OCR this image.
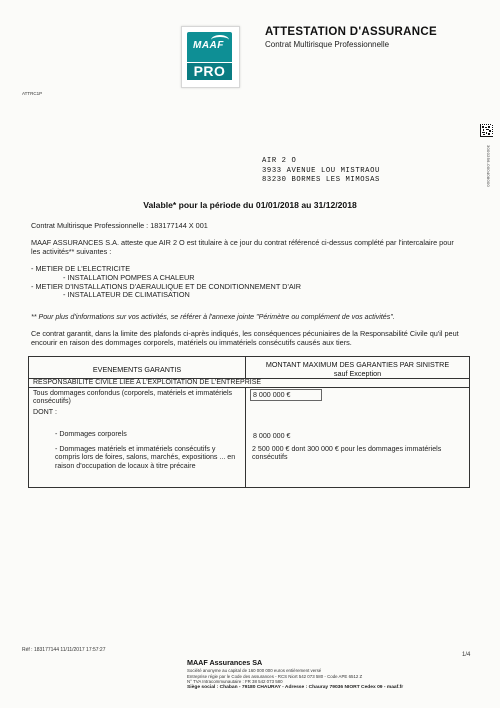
MAAF
PRO
ATTESTATION D'ASSURANCE
Contrat Multirisque Professionnelle
ATTRC1P
3000256-000408000
AIR 2 O
3933 AVENUE LOU MISTRAOU
83230 BORMES LES MIMOSAS
Valable* pour la période du 01/01/2018 au 31/12/2018
Contrat Multirisque Professionnelle : 183177144 X 001
MAAF ASSURANCES S.A. atteste que AIR 2 O est titulaire à ce jour du contrat référencé ci-dessus complété par l'intercalaire pour les activités** suivantes :
- METIER DE L'ELECTRICITE
- INSTALLATION POMPES A CHALEUR
- METIER D'INSTALLATIONS D'AERAULIQUE ET DE CONDITIONNEMENT D'AIR
- INSTALLATEUR DE CLIMATISATION
** Pour plus d'informations sur vos activités, se référer à l'annexe jointe "Périmètre ou complément de vos activités".
Ce contrat garantit, dans la limite des plafonds ci-après indiqués, les conséquences pécuniaires de la Responsabilité Civile qu'il peut encourir en raison des dommages corporels, matériels ou immatériels consécutifs causés aux tiers.
EVENEMENTS GARANTIS
MONTANT MAXIMUM DES GARANTIES PAR SINISTRE
sauf Exception
RESPONSABILITE CIVILE LIEE A L'EXPLOITATION DE L'ENTREPRISE
Tous dommages confondus (corporels, matériels et immatériels consécutifs)
8 000 000 €
DONT :
- Dommages corporels	8 000 000 €
- Dommages matériels et immatériels consécutifs y compris lors de foires, salons, marchés, expositions ... en raison d'occupation de locaux à titre précaire
2 500 000 € dont 300 000 € pour les dommages immatériels consécutifs
Réf : 183177144 11/11/2017 17:57:27
1/4
MAAF Assurances SA
Société anonyme au capital de 160 000 000 euros entièrement versé
Entreprise régie par le Code des assurances - RCS Niort 542 073 580 - Code APE 6512 Z
N° TVA Intracommunautaire : FR 38 542 073 580
Siège social : Chaban - 79180 CHAURAY - Adresse : Chauray 79036 NIORT Cedex 09 - maaf.fr
